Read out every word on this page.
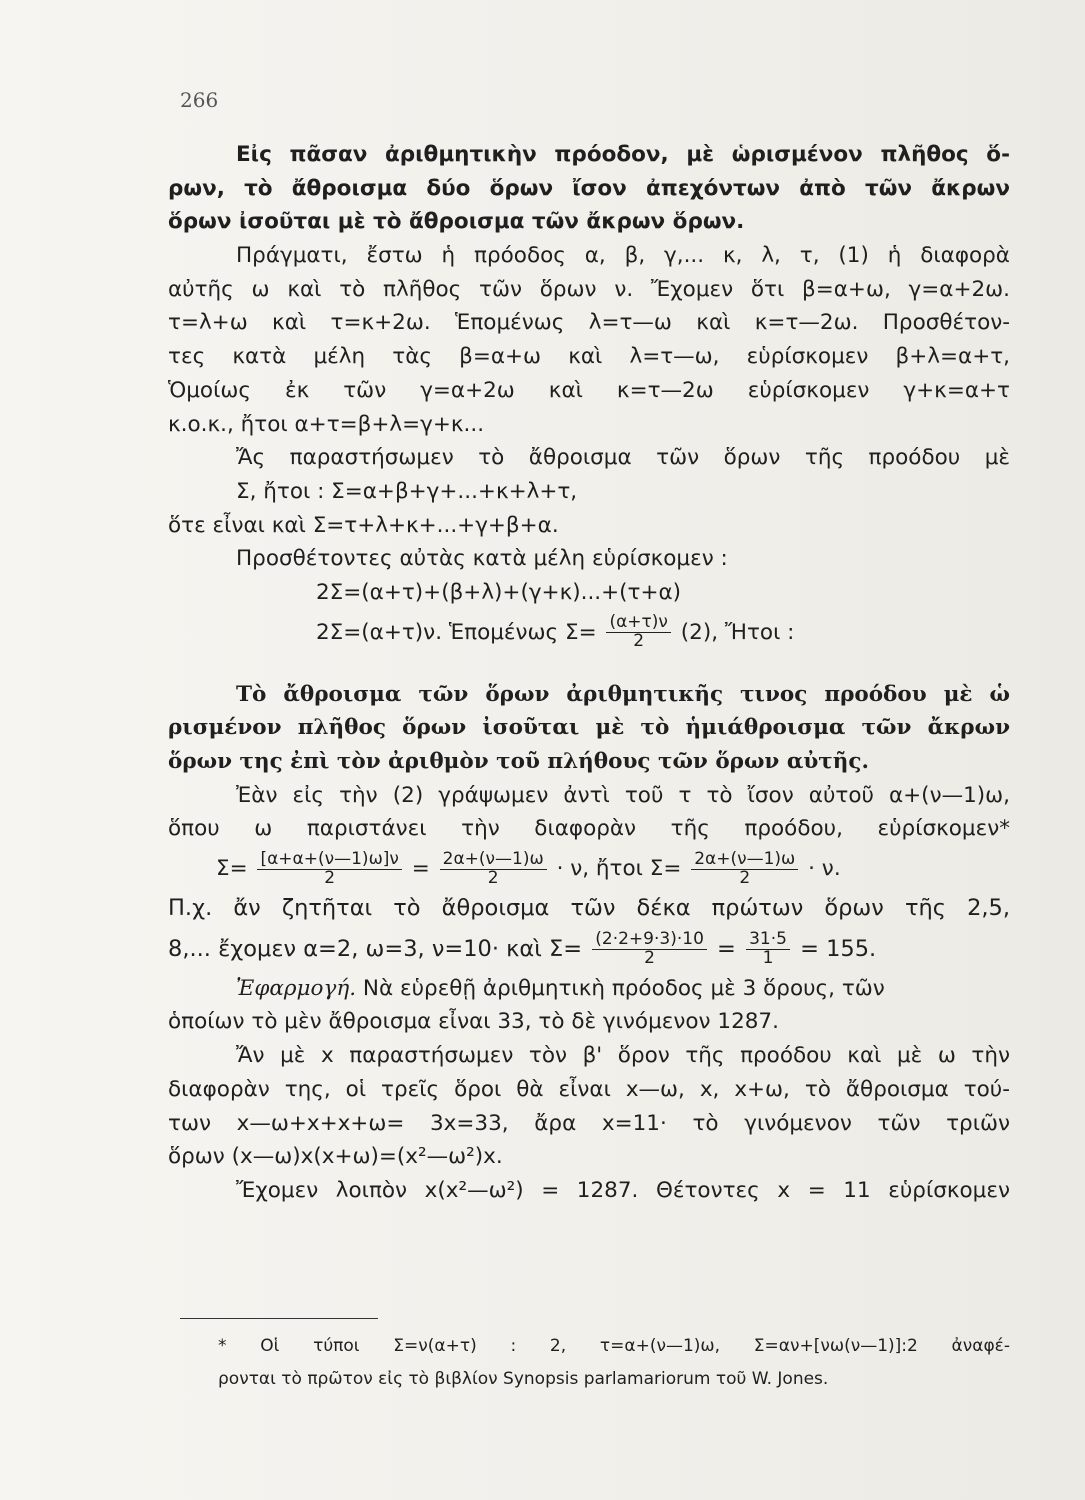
266
Εἰς πᾶσαν ἀριθμητικὴν πρόοδον, μὲ ὡρισμένον πλῆθος ὅ-
ρων, τὸ ἄθροισμα δύο ὅρων ἴσον ἀπεχόντων ἀπὸ τῶν ἄκρων
ὅρων ἰσοῦται μὲ τὸ ἄθροισμα τῶν ἄκρων ὅρων.
Πράγματι, ἔστω ἡ πρόοδος α, β, γ,... κ, λ, τ, (1) ἡ διαφορὰ
αὐτῆς ω καὶ τὸ πλῆθος τῶν ὅρων ν. Ἔχομεν ὅτι β=α+ω, γ=α+2ω.
τ=λ+ω καὶ τ=κ+2ω. Ἑπομένως λ=τ—ω καὶ κ=τ—2ω. Προσθέτον-
τες κατὰ μέλη τὰς β=α+ω καὶ λ=τ—ω, εὑρίσκομεν β+λ=α+τ,
Ὁμοίως ἐκ τῶν γ=α+2ω καὶ κ=τ—2ω εὑρίσκομεν γ+κ=α+τ
κ.ο.κ., ἤτοι α+τ=β+λ=γ+κ...
Ἄς παραστήσωμεν τὸ ἄθροισμα τῶν ὅρων τῆς προόδου μὲ
Σ, ἤτοι : Σ=α+β+γ+...+κ+λ+τ,
ὅτε εἶναι καὶ Σ=τ+λ+κ+...+γ+β+α.
Προσθέτοντες αὐτὰς κατὰ μέλη εὑρίσκομεν :
2Σ=(α+τ)+(β+λ)+(γ+κ)...+(τ+α)
2Σ=(α+τ)ν. Ἑπομένως $\Sigma= \frac{(\alpha+\tau)\nu}{2} (2)$, Ἤτοι :
Τὸ ἄθροισμα τῶν ὅρων ἀριθμητικῆς τινος προόδου μὲ ὡ
ρισμένον πλῆθος ὅρων ἰσοῦται μὲ τὸ ἡμιάθροισμα τῶν ἄκρων
ὅρων της ἐπὶ τὸν ἀριθμὸν τοῦ πλήθους τῶν ὅρων αὐτῆς.
Ἐὰν εἰς τὴν (2) γράψωμεν ἀντὶ τοῦ τ τὸ ἴσον αὐτοῦ α+(ν—1)ω,
ὅπου ω παριστάνει τὴν διαφορὰν τῆς προόδου, εὑρίσκομεν*
$\Sigma= \frac{[\alpha+\alpha+(\nu—1)\omega]\nu}{2} = \frac{2\alpha+(\nu—1)\omega}{2} \cdot \nu$, ἤτοι $\Sigma= \frac{2\alpha+(\nu—1)\omega}{2} \cdot \nu$.
Π.χ. ἄν ζητῆται τὸ ἄθροισμα τῶν δέκα πρώτων ὅρων τῆς 2,5,
8,... ἔχομεν α=2, ω=3, ν=10· καὶ $\Sigma= \frac{(2\cdot 2+9\cdot 3)\cdot 10}{2} = \frac{31\cdot 5}{1} = 155$.
Ἐφαρμογή. Νὰ εὑρεθῇ ἀριθμητικὴ πρόοδος μὲ 3 ὅρους, τῶν
ὁποίων τὸ μὲν ἄθροισμα εἶναι 33, τὸ δὲ γινόμενον 1287.
Ἄν μὲ x παραστήσωμεν τὸν β' ὅρον τῆς προόδου καὶ μὲ ω τὴν
διαφορὰν της, οἱ τρεῖς ὅροι θὰ εἶναι x—ω, x, x+ω, τὸ ἄθροισμα τού-
των x—ω+x+x+ω= 3x=33, ἄρα x=11· τὸ γινόμενον τῶν τριῶν
ὅρων (x—ω)x(x+ω)=(x²—ω²)x.
Ἔχομεν λοιπὸν x(x²—ω²) = 1287. Θέτοντες x = 11 εὑρίσκομεν
* Οἱ τύποι Σ=ν(α+τ) : 2, τ=α+(ν—1)ω, Σ=αν+[νω(ν—1)]:2 ἀναφέ-
ρονται τὸ πρῶτον εἰς τὸ βιβλίον Synopsis parlamariorum τοῦ W. Jones.
